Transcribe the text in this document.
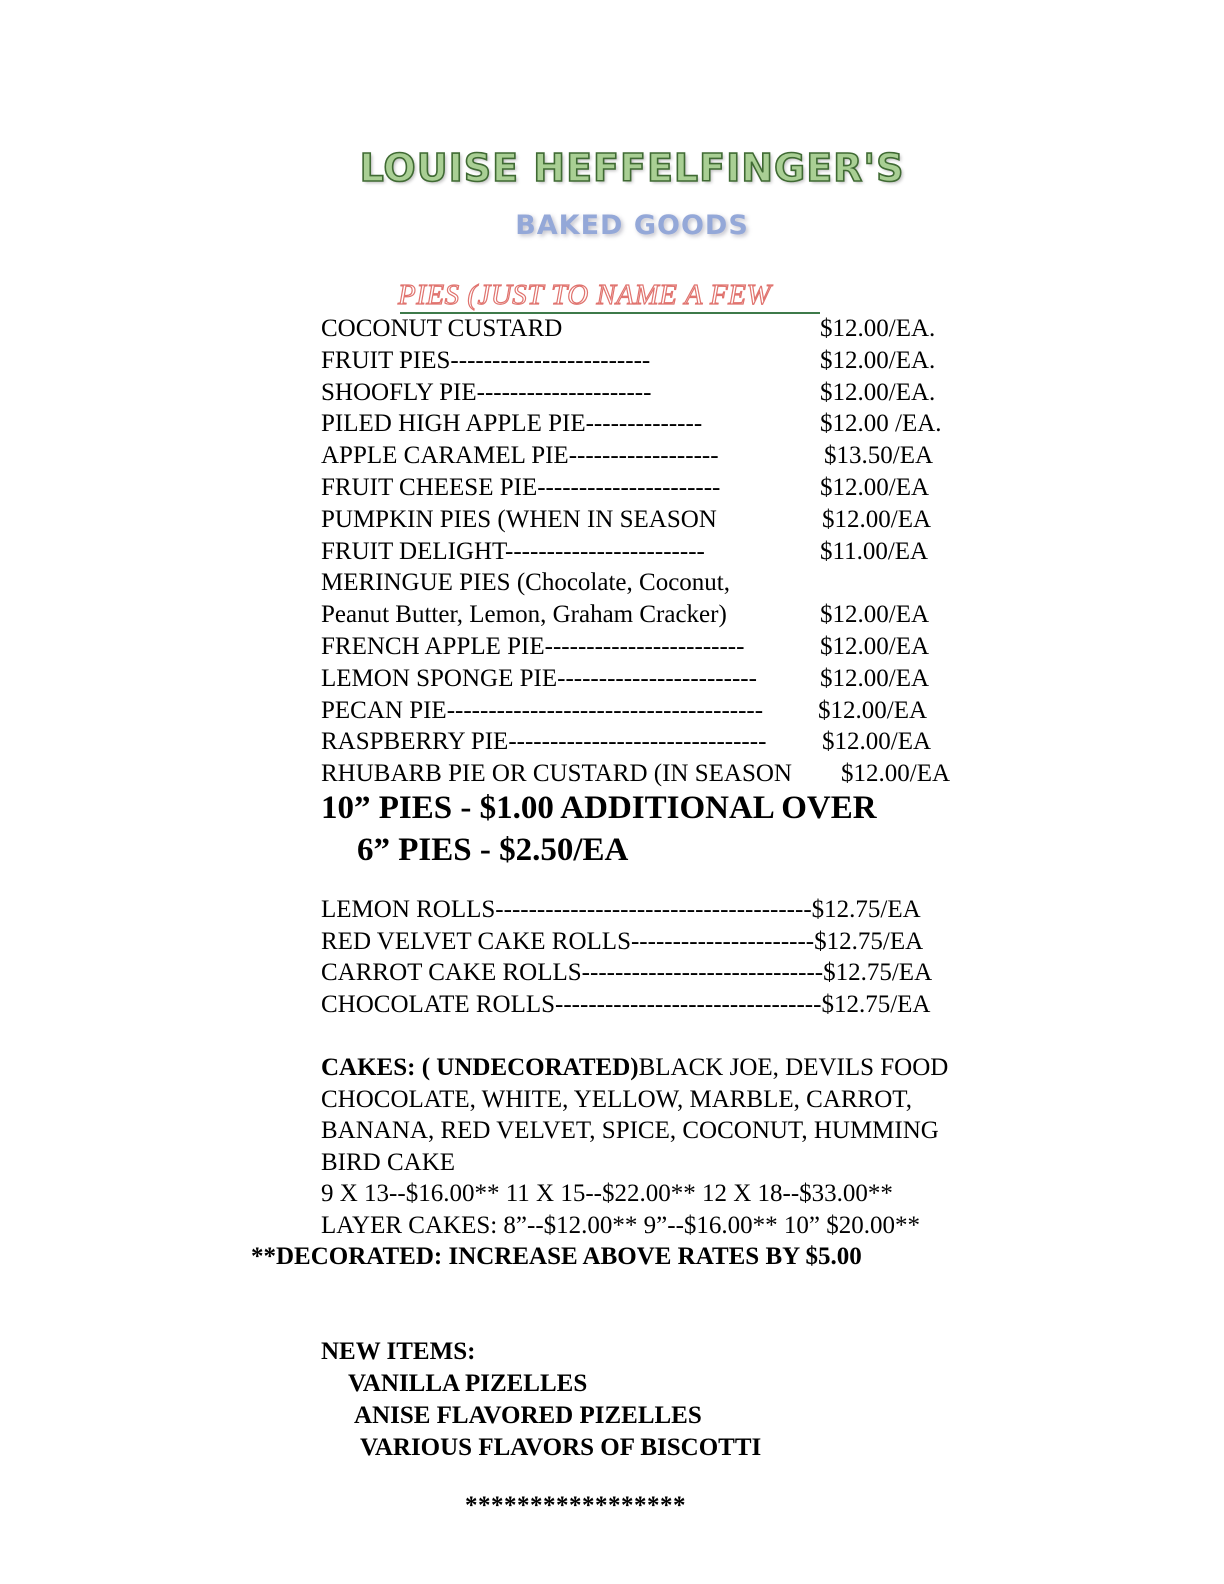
LOUISE HEFFELFINGER'S
BAKED GOODS
PIES (JUST TO NAME A FEW
COCONUT CUSTARD	$12.00/EA.
FRUIT PIES------------------------	$12.00/EA.
SHOOFLY PIE---------------------	$12.00/EA.
PILED HIGH APPLE PIE--------------	$12.00 /EA.
APPLE CARAMEL PIE------------------	$13.50/EA
FRUIT CHEESE PIE----------------------	$12.00/EA
PUMPKIN PIES (WHEN IN SEASON	$12.00/EA
FRUIT DELIGHT------------------------	$11.00/EA
MERINGUE PIES (Chocolate, Coconut,
Peanut Butter, Lemon, Graham Cracker)	$12.00/EA
FRENCH APPLE PIE------------------------	$12.00/EA
LEMON SPONGE PIE------------------------	$12.00/EA
PECAN PIE-------------------------------------- $12.00/EA
RASPBERRY PIE------------------------------- $12.00/EA
RHUBARB PIE OR CUSTARD (IN SEASON $12.00/EA
10” PIES - $1.00 ADDITIONAL OVER
6” PIES - $2.50/EA
LEMON ROLLS--------------------------------------$12.75/EA
RED VELVET CAKE ROLLS----------------------$12.75/EA
CARROT CAKE ROLLS-----------------------------$12.75/EA
CHOCOLATE ROLLS--------------------------------$12.75/EA
CAKES: ( UNDECORATED)BLACK JOE, DEVILS FOOD
CHOCOLATE, WHITE, YELLOW, MARBLE, CARROT,
BANANA, RED VELVET, SPICE, COCONUT, HUMMING
BIRD CAKE
9 X 13--$16.00** 11 X 15--$22.00** 12 X 18--$33.00**
LAYER CAKES: 8”--$12.00** 9”--$16.00** 10” $20.00**
**DECORATED: INCREASE ABOVE RATES BY $5.00
NEW ITEMS:
VANILLA PIZELLES
ANISE FLAVORED PIZELLES
VARIOUS FLAVORS OF BISCOTTI
*****************
